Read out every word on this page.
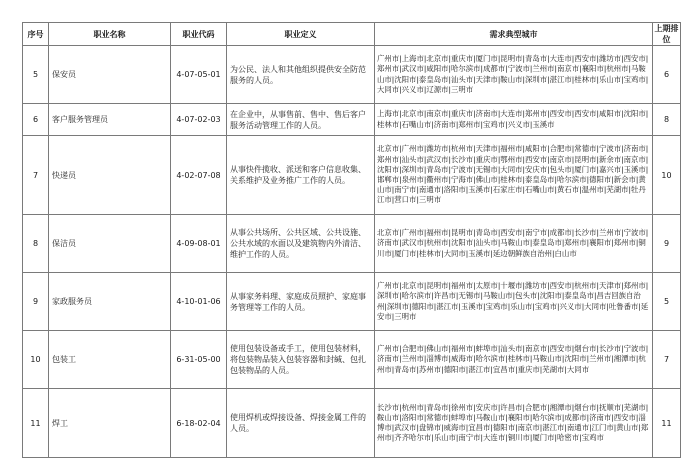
序号	职业名称	职业代码	职业定义	需求典型城市	上期排位
5	保安员	4-07-05-01	为公民、法人和其他组织提供安全防范服务的人员。	广州市|上海市|北京市|重庆市|厦门市|昆明市|青岛市|大连市|西安市|潍坊市|西安市|郑州市|武汉市|咸阳市|哈尔滨市|成都市|宁波市|兰州市|南京市|襄阳市|杭州市|马鞍山市|沈阳市|泰皇岛市|汕头市|天津市|鞍山市|深圳市|湛江市|桂林市|乐山市|宝鸡市|大同市|兴义市|辽源市|三明市	6
6	客户服务管理员	4-07-02-03	在企业中，从事售前、售中、售后客户服务活动管理工作的人员。	上海市|北京市|南京市|重庆市|济南市|大连市|郑州市|西安市|西安市|咸阳市|沈阳市|桂林市|石嘴山市|济南市|郑州市|宝鸡市|兴义市|玉溪市	8
7	快递员	4-02-07-08	从事快件揽收、派送和客户信息收集、关系维护及业务推广工作的人员。	北京市|广州市|潍坊市|杭州市|天津市|福州市|咸阳市|合肥市|常德市|宁波市|济南市|郑州市|汕头市|武汉市|长沙市|重庆市|鄂州市|西安市|南京市|昆明市|新余市|南京市|沈阳市|深圳市|青岛市|宁波市|无锡市|大同市|安庆市|包头市|厦门市|嘉兴市|玉溪市|邯郸市|泉州市|衢州市|宁海市|佛山市|桂林市|泰皇岛市|哈尔滨市|德阳市|新会市|黄山市|南宁市|南通市|洛阳市|玉溪市|石家庄市|石嘴山市|黄石市|温州市|芜湖市|牡丹江市|营口市|三明市	10
8	保洁员	4-09-08-01	从事公共场所、公共区域、公共设施、公共水域的水面以及建筑物内外清洁、维护工作的人员。	北京市|广州市|福州市|昆明市|青岛市|西安市|南宁市|成都市|长沙市|兰州市|宁波市|济南市|武汉市|杭州市|沈阳市|汕头市|马鞍山市|泰皇岛市|郑州市|襄阳市|郑州市|铜川市|厦门市|桂林市|大同市|玉溪市|延边朝鲜族自治州|白山市	9
9	家政服务员	4-10-01-06	从事家务料理、家庭成员照护、家庭事务管理等工作的人员。	广州市|北京市|昆明市|福州市|太原市|十堰市|潍坊市|西安市|杭州市|天津市|郑州市|深圳市|哈尔滨市|许昌市|无锡市|马鞍山市|包头市|沈阳市|泰皇岛市|昌吉回族自治州|深圳市|德阳市|湛江市|玉溪市|宝鸡市|乐山市|宝鸡市|兴义市|大同市|吐鲁番市|延安市|三明市	5
10	包装工	6-31-05-00	使用包装设备或手工，使用包装材料，将包装物品装入包装容器和封缄、包扎包装物品的人员。	广州市|合肥市|佛山市|福州市|蚌埠市|汕头市|南京市|西安市|烟台市|长沙市|宁波市|济南市|兰州市|淄博市|威海市|哈尔滨市|桂林市|马鞍山市|沈阳市|兰州市|湘潭市|杭州市|青岛市|苏州市|德阳市|湛江市|宜昌市|重庆市|芜湖市|大同市	7
11	焊工	6-18-02-04	使用焊机或焊接设备、焊接金属工件的人员。	长沙市|杭州市|青岛市|徐州市|安庆市|许昌市|合肥市|湘潭市|烟台市|抚顺市|芜湖市|鞍山市|洛阳市|常德市|蚌埠市|马鞍山市|襄阳市|哈尔滨市|成都市|济南市|西安市|淄博市|武汉市|盘锦市|威海市|宜昌市|德阳市|南京市|湛江市|南通市|江门市|黄山市|郑州市|齐齐哈尔市|乐山市|南宁市|大连市|铜川市|厦门市|哈密市|宝鸡市	11
